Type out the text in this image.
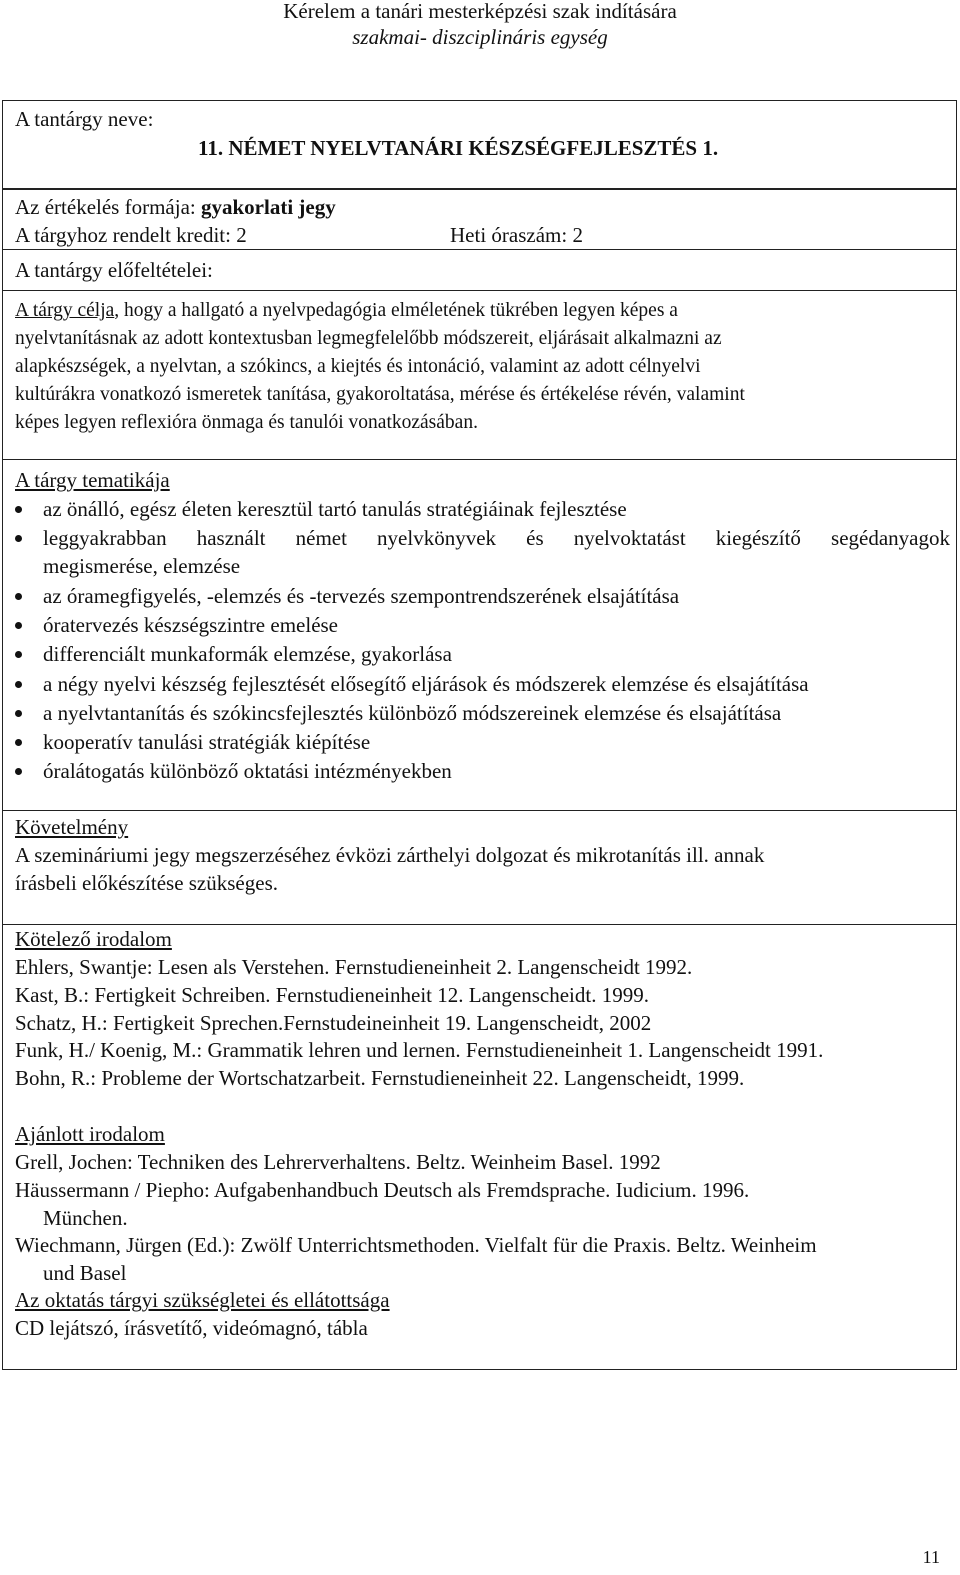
Kérelem a tanári mesterképzési szak indítására
szakmai- diszciplináris egység
A tantárgy neve:
11. NÉMET NYELVTANÁRI KÉSZSÉGFEJLESZTÉS 1.
Az értékelés formája: gyakorlati jegy
A tárgyhoz rendelt kredit: 2	Heti óraszám: 2
A tantárgy előfeltételei:
A tárgy célja, hogy a hallgató a nyelvpedagógia elméletének tükrében legyen képes a
nyelvtanításnak az adott kontextusban legmegfelelőbb módszereit, eljárásait alkalmazni az
alapkészségek, a nyelvtan, a szókincs, a kiejtés és intonáció, valamint az adott célnyelvi
kultúrákra vonatkozó ismeretek tanítása, gyakoroltatása, mérése és értékelése révén, valamint
képes legyen reflexióra önmaga és tanulói vonatkozásában.
A tárgy tematikája
az önálló, egész életen keresztül tartó tanulás stratégiáinak fejlesztése
leggyakrabban használt német nyelvkönyvek és nyelvoktatást kiegészítő segédanyagok
megismerése, elemzése
az óramegfigyelés, -elemzés és -tervezés szempontrendszerének elsajátítása
óratervezés készségszintre emelése
differenciált munkaformák elemzése, gyakorlása
a négy nyelvi készség fejlesztését elősegítő eljárások és módszerek elemzése és elsajátítása
a nyelvtantanítás és szókincsfejlesztés különböző módszereinek elemzése és elsajátítása
kooperatív tanulási stratégiák kiépítése
óralátogatás különböző oktatási intézményekben
Követelmény
A szemináriumi jegy megszerzéséhez évközi zárthelyi dolgozat és mikrotanítás ill. annak
írásbeli előkészítése szükséges.
Kötelező irodalom
Ehlers, Swantje: Lesen als Verstehen. Fernstudieneinheit 2. Langenscheidt 1992.
Kast, B.: Fertigkeit Schreiben. Fernstudieneinheit 12. Langenscheidt. 1999.
Schatz, H.: Fertigkeit Sprechen.Fernstudeineinheit 19. Langenscheidt, 2002
Funk, H./ Koenig, M.: Grammatik lehren und lernen. Fernstudieneinheit 1. Langenscheidt 1991.
Bohn, R.: Probleme der Wortschatzarbeit. Fernstudieneinheit 22. Langenscheidt, 1999.
Ajánlott irodalom
Grell, Jochen: Techniken des Lehrerverhaltens. Beltz. Weinheim Basel. 1992
Häussermann / Piepho: Aufgabenhandbuch Deutsch als Fremdsprache. Iudicium. 1996.
München.
Wiechmann, Jürgen (Ed.): Zwölf Unterrichtsmethoden. Vielfalt für die Praxis. Beltz. Weinheim
und Basel
Az oktatás tárgyi szükségletei és ellátottsága
CD lejátszó, írásvetítő, videómagnó, tábla
11
